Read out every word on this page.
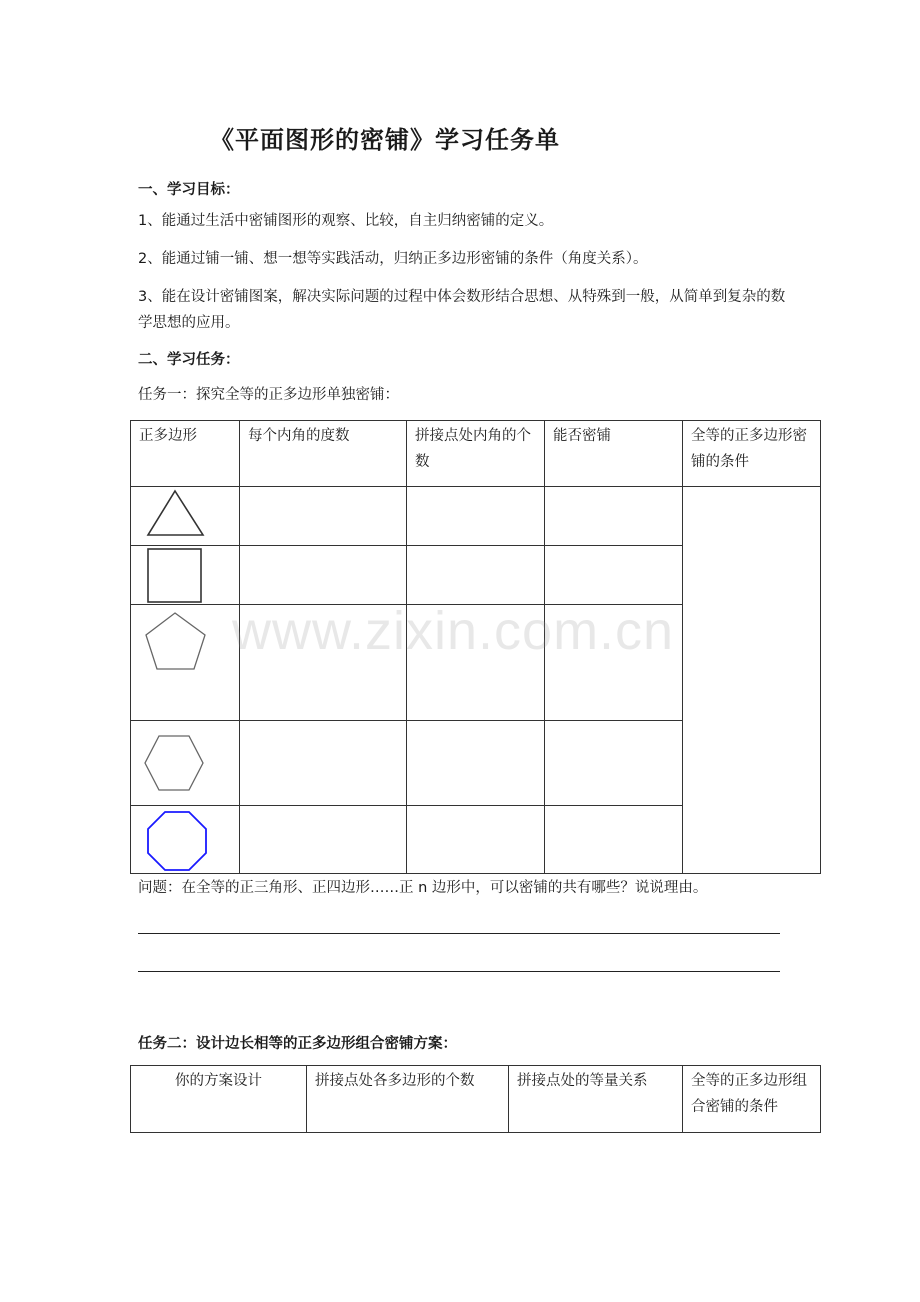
《平面图形的密铺》学习任务单
一、学习目标：
1、能通过生活中密铺图形的观察、比较，自主归纳密铺的定义。
2、能通过铺一铺、想一想等实践活动，归纳正多边形密铺的条件（角度关系）。
3、能在设计密铺图案，解决实际问题的过程中体会数形结合思想、从特殊到一般，从简单到复杂的数学思想的应用。
二、学习任务：
任务一：探究全等的正多边形单独密铺：
正多边形	每个内角的度数	拼接点处内角的个数	能否密铺	全等的正多边形密铺的条件

www.zixin.com.cn
问题：在全等的正三角形、正四边形……正 n 边形中，可以密铺的共有哪些？说说理由。
任务二：设计边长相等的正多边形组合密铺方案：
你的方案设计	拼接点处各多边形的个数	拼接点处的等量关系	全等的正多边形组合密铺的条件
